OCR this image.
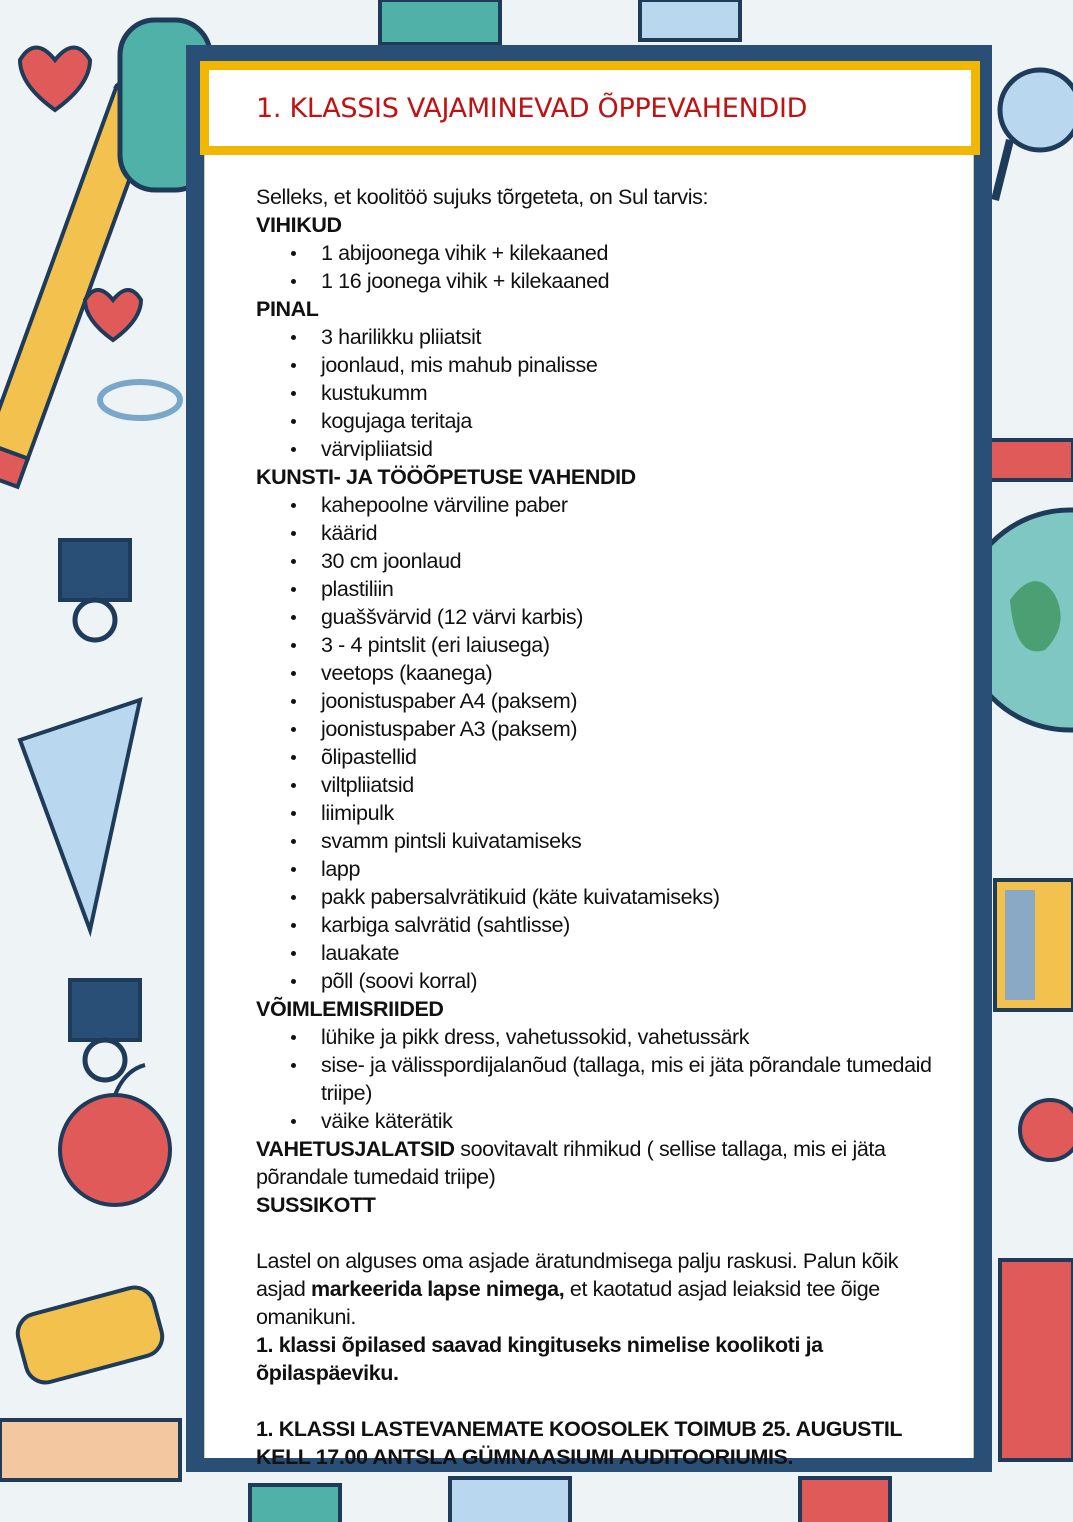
1. KLASSIS VAJAMINEVAD ÕPPEVAHENDID

Selleks, et koolitöö sujuks tõrgeteta, on Sul tarvis:

VIHIKUD

1 abijoonega vihik + kilekaaned
1 16 joonega vihik + kilekaaned

PINAL

3 harilikku pliiatsit
joonlaud, mis mahub pinalisse
kustukumm
kogujaga teritaja
värvipliiatsid

KUNSTI- JA TÖÖÕPETUSE VAHENDID

kahepoolne värviline paber
käärid
30 cm joonlaud
plastiliin
guaššvärvid (12 värvi karbis)
3 - 4 pintslit (eri laiusega)
veetops (kaanega)
joonistuspaber A4 (paksem)
joonistuspaber A3 (paksem)
õlipastellid
viltpliiatsid
liimipulk
svamm pintsli kuivatamiseks
lapp
pakk pabersalvrätikuid (käte kuivatamiseks)
karbiga salvrätid (sahtlisse)
lauakate
põll (soovi korral)

VÕIMLEMISRIIDED

lühike ja pikk dress, vahetussokid, vahetussärk
sise- ja välisspordijalanõud (tallaga, mis ei jäta põrandale tumedaid triipe)
väike käterätik

VAHETUSJALATSID soovitavalt rihmikud ( sellise tallaga, mis ei jäta põrandale tumedaid triipe)

SUSSIKOTT

Lastel on alguses oma asjade äratundmisega palju raskusi. Palun kõik asjad markeerida lapse nimega, et kaotatud asjad leiaksid tee õige omanikuni.

1. klassi õpilased saavad kingituseks nimelise koolikoti ja õpilaspäeviku.

1. KLASSI LASTEVANEMATE KOOSOLEK TOIMUB 25. AUGUSTIL KELL 17.00 ANTSLA GÜMNAASIUMI AUDITOORIUMIS.
